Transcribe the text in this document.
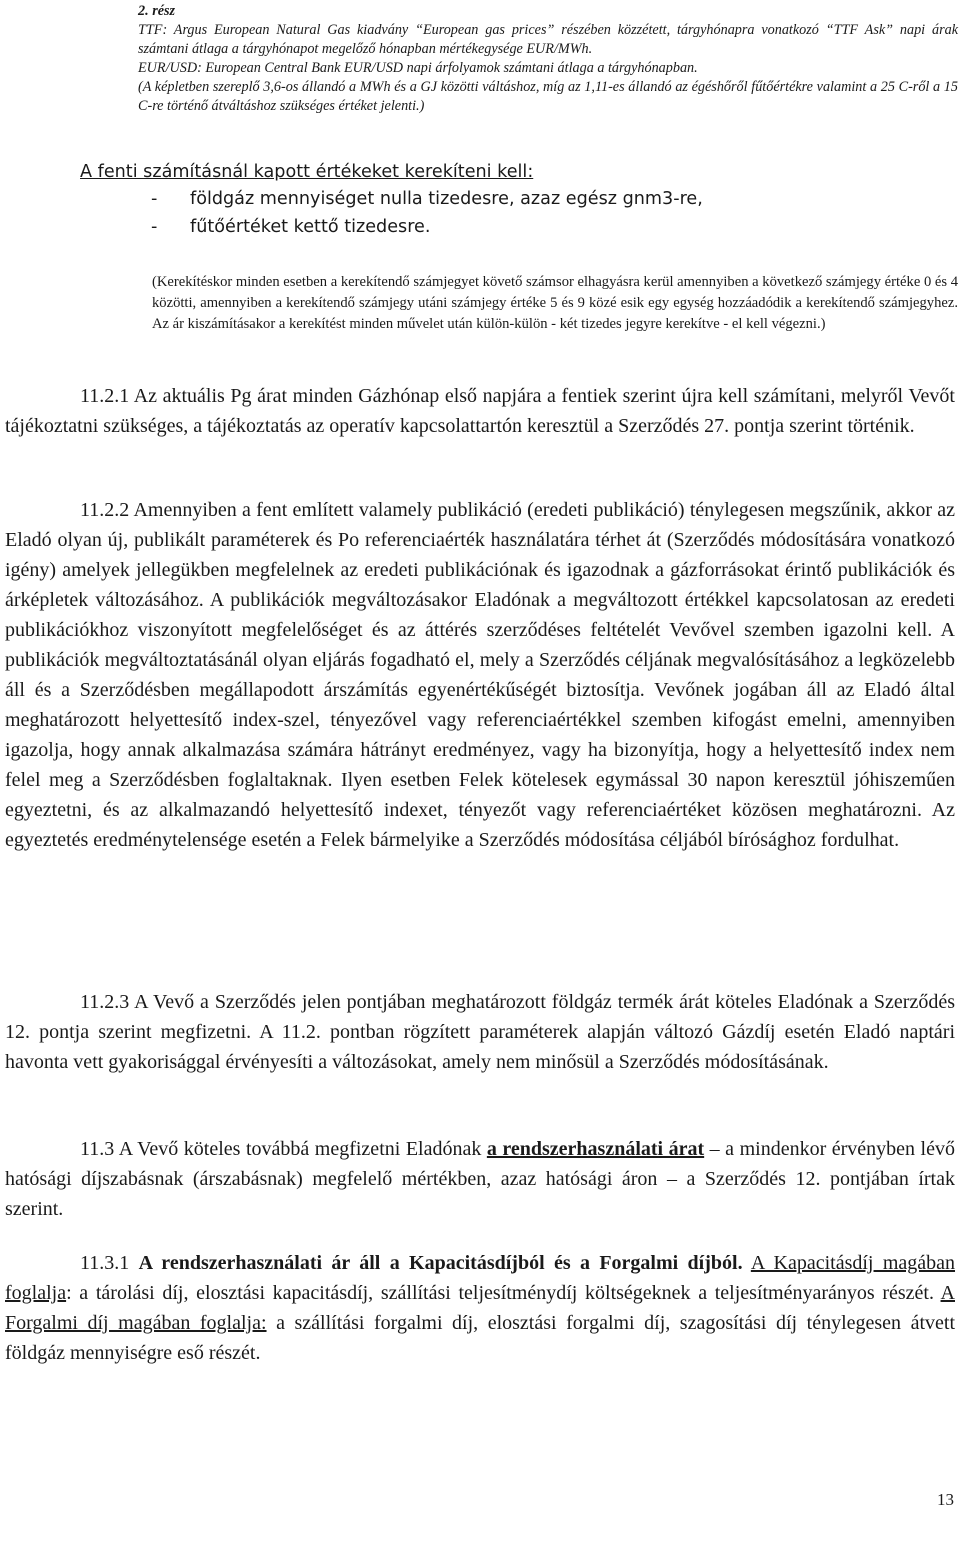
2. rész

TTF: Argus European Natural Gas kiadvány “European gas prices” részében közzétett, tárgyhónapra vonatkozó “TTF Ask” napi árak számtani átlaga a tárgyhónapot megelőző hónapban mértékegysége EUR/MWh.

EUR/USD: European Central Bank EUR/USD napi árfolyamok számtani átlaga a tárgyhónapban.

(A képletben szereplő 3,6-os állandó a MWh és a GJ közötti váltáshoz, míg az 1,11-es állandó az égéshőről fűtőértékre valamint a 25 C-ről a 15 C-re történő átváltáshoz szükséges értéket jelenti.)

A fenti számításnál kapott értékeket kerekíteni kell:
- földgáz mennyiséget nulla tizedesre, azaz egész gnm3-re,
- fűtőértéket kettő tizedesre.
(Kerekítéskor minden esetben a kerekítendő számjegyet követő számsor elhagyásra kerül amennyiben a következő számjegy értéke 0 és 4 közötti, amennyiben a kerekítendő számjegy utáni számjegy értéke 5 és 9 közé esik egy egység hozzáadódik a kerekítendő számjegyhez. Az ár kiszámításakor a kerekítést minden művelet után külön-külön - két tizedes jegyre kerekítve - el kell végezni.)
11.2.1 Az aktuális Pg árat minden Gázhónap első napjára a fentiek szerint újra kell számítani, melyről Vevőt tájékoztatni szükséges, a tájékoztatás az operatív kapcsolattartón keresztül a Szerződés 27. pontja szerint történik.
11.2.2 Amennyiben a fent említett valamely publikáció (eredeti publikáció) ténylegesen megszűnik, akkor az Eladó olyan új, publikált paraméterek és Po referenciaérték használatára térhet át (Szerződés módosítására vonatkozó igény) amelyek jellegükben megfelelnek az eredeti publikációnak és igazodnak a gázforrásokat érintő publikációk és árképletek változásához. A publikációk megváltozásakor Eladónak a megváltozott értékkel kapcsolatosan az eredeti publikációkhoz viszonyított megfelelőséget és az áttérés szerződéses feltételét Vevővel szemben igazolni kell. A publikációk megváltoztatásánál olyan eljárás fogadható el, mely a Szerződés céljának megvalósításához a legközelebb áll és a Szerződésben megállapodott árszámítás egyenértékűségét biztosítja. Vevőnek jogában áll az Eladó által meghatározott helyettesítő index-szel, tényezővel vagy referenciaértékkel szemben kifogást emelni, amennyiben igazolja, hogy annak alkalmazása számára hátrányt eredményez, vagy ha bizonyítja, hogy a helyettesítő index nem felel meg a Szerződésben foglaltaknak. Ilyen esetben Felek kötelesek egymással 30 napon keresztül jóhiszeműen egyeztetni, és az alkalmazandó helyettesítő indexet, tényezőt vagy referenciaértéket közösen meghatározni. Az egyeztetés eredménytelensége esetén a Felek bármelyike a Szerződés módosítása céljából bírósághoz fordulhat.
11.2.3 A Vevő a Szerződés jelen pontjában meghatározott földgáz termék árát köteles Eladónak a Szerződés 12. pontja szerint megfizetni. A 11.2. pontban rögzített paraméterek alapján változó Gázdíj esetén Eladó naptári havonta vett gyakorisággal érvényesíti a változásokat, amely nem minősül a Szerződés módosításának.
11.3 A Vevő köteles továbbá megfizetni Eladónak a rendszerhasználati árat – a mindenkor érvényben lévő hatósági díjszabásnak (árszabásnak) megfelelő mértékben, azaz hatósági áron – a Szerződés 12. pontjában írtak szerint.
11.3.1 A rendszerhasználati ár áll a Kapacitásdíjból és a Forgalmi díjból. A Kapacitásdíj magában foglalja: a tárolási díj, elosztási kapacitásdíj, szállítási teljesítménydíj költségeknek a teljesítményarányos részét. A Forgalmi díj magában foglalja: a szállítási forgalmi díj, elosztási forgalmi díj, szagosítási díj ténylegesen átvett földgáz mennyiségre eső részét.
13
